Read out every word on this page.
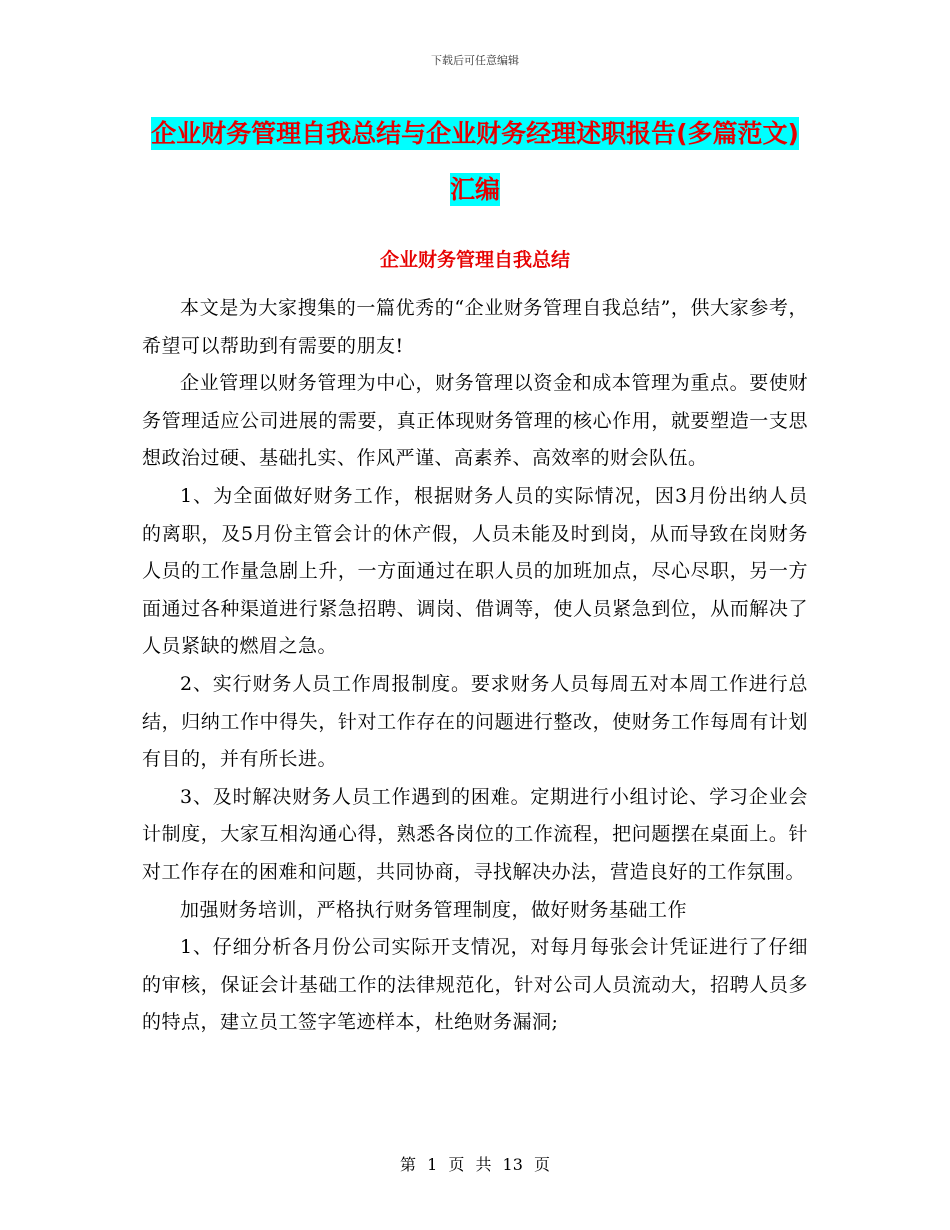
下载后可任意编辑
企业财务管理自我总结与企业财务经理述职报告(多篇范文)汇编
企业财务管理自我总结

本文是为大家搜集的一篇优秀的“企业财务管理自我总结”，供大家参考，希望可以帮助到有需要的朋友!

企业管理以财务管理为中心，财务管理以资金和成本管理为重点。要使财务管理适应公司进展的需要，真正体现财务管理的核心作用，就要塑造一支思想政治过硬、基础扎实、作风严谨、高素养、高效率的财会队伍。

1、为全面做好财务工作，根据财务人员的实际情况，因3月份出纳人员的离职，及5月份主管会计的休产假，人员未能及时到岗，从而导致在岗财务人员的工作量急剧上升，一方面通过在职人员的加班加点，尽心尽职，另一方面通过各种渠道进行紧急招聘、调岗、借调等，使人员紧急到位，从而解决了人员紧缺的燃眉之急。

2、实行财务人员工作周报制度。要求财务人员每周五对本周工作进行总结，归纳工作中得失，针对工作存在的问题进行整改，使财务工作每周有计划有目的，并有所长进。

3、及时解决财务人员工作遇到的困难。定期进行小组讨论、学习企业会计制度，大家互相沟通心得，熟悉各岗位的工作流程，把问题摆在桌面上。针对工作存在的困难和问题，共同协商，寻找解决办法，营造良好的工作氛围。

加强财务培训，严格执行财务管理制度，做好财务基础工作

1、仔细分析各月份公司实际开支情况，对每月每张会计凭证进行了仔细的审核，保证会计基础工作的法律规范化，针对公司人员流动大，招聘人员多的特点，建立员工签字笔迹样本，杜绝财务漏洞;

第 1 页 共 13 页
